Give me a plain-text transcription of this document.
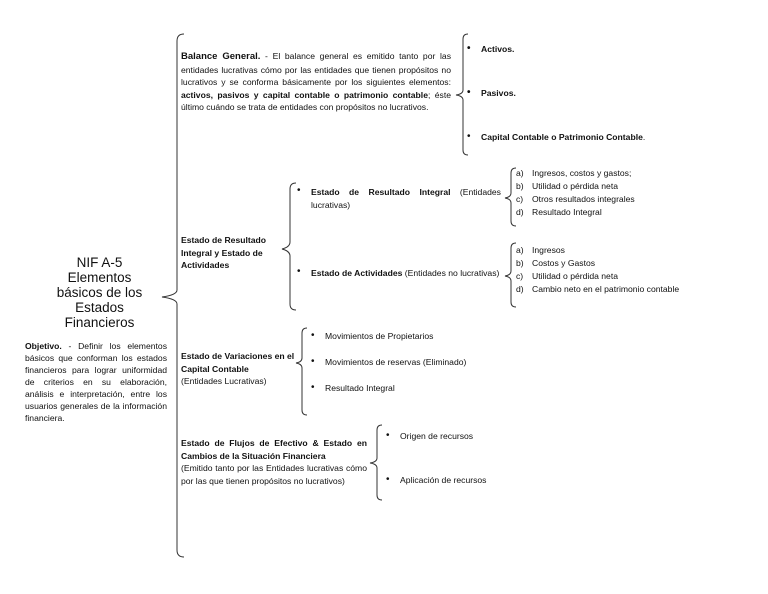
NIF A-5
Elementos
básicos de los
Estados
Financieros
Objetivo. - Definir los elementos básicos que conforman los estados financieros para lograr uniformidad de criterios en su elaboración, análisis e interpretación, entre los usuarios generales de la información financiera.
Balance General. - El balance general es emitido tanto por las entidades lucrativas cómo por las entidades que tienen propósitos no lucrativos y se conforma básicamente por los siguientes elementos: activos, pasivos y capital contable o patrimonio contable; éste último cuándo se trata de entidades con propósitos no lucrativos.
• Activos.
• Pasivos.
• Capital Contable o Patrimonio Contable.
Estado de Resultado Integral y Estado de Actividades
• Estado de Resultado Integral (Entidades lucrativas)
a) Ingresos, costos y gastos;
b) Utilidad o pérdida neta
c) Otros resultados integrales
d) Resultado Integral
• Estado de Actividades (Entidades no lucrativas)
a) Ingresos
b) Costos y Gastos
c) Utilidad o pérdida neta
d) Cambio neto en el patrimonio contable
Estado de Variaciones en el Capital Contable
(Entidades Lucrativas)
• Movimientos de Propietarios
• Movimientos de reservas (Eliminado)
• Resultado Integral
Estado de Flujos de Efectivo & Estado en Cambios de la Situación Financiera
(Emitido tanto por las Entidades lucrativas cómo por las que tienen propósitos no lucrativos)
• Origen de recursos
• Aplicación de recursos
